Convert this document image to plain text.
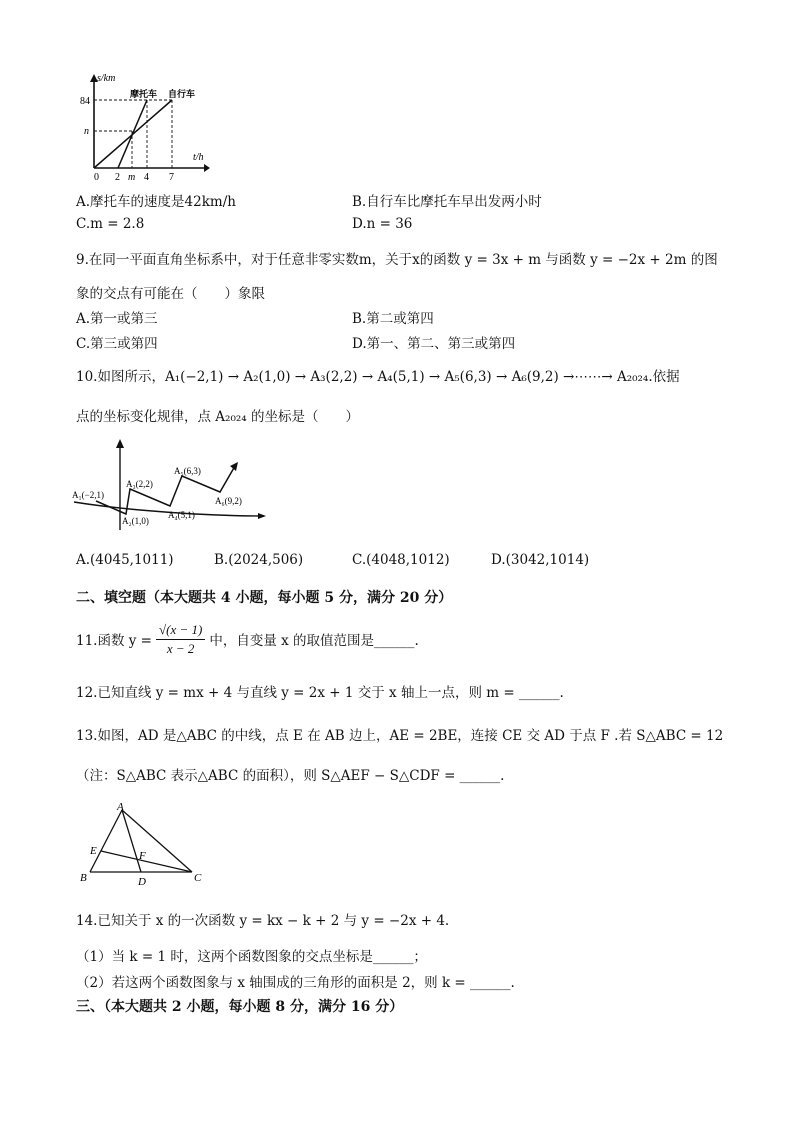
s/km
t/h
摩托车 自行车
84
n
0 2 m 4 7
A.摩托车的速度是42km/h	B.自行车比摩托车早出发两小时
C.m = 2.8	D.n = 36
9.在同一平面直角坐标系中，对于任意非零实数m，关于x的函数 y = 3x + m 与函数 y = −2x + 2m 的图
象的交点有可能在（　　）象限
A.第一或第三	B.第二或第四
C.第三或第四	D.第一、第二、第三或第四
10.如图所示，A₁(−2,1) → A₂(1,0) → A₃(2,2) → A₄(5,1) → A₅(6,3) → A₆(9,2) →⋯⋯→ A₂₀₂₄.依据
点的坐标变化规律，点 A₂₀₂₄ 的坐标是（　　）
A₁(−2,1)
A₂(1,0)
A₃(2,2)
A₄(5,1)
A₅(6,3)
A₆(9,2)
A.(4045,1011)	B.(2024,506)	C.(4048,1012)	D.(3042,1014)
二、填空题（本大题共 4 小题，每小题 5 分，满分 20 分）
11.函数 y =
√(x − 1)
x − 2 中，自变量 x 的取值范围是______.
12.已知直线 y = mx + 4 与直线 y = 2x + 1 交于 x 轴上一点，则 m = ______.
13.如图，AD 是△ABC 的中线，点 E 在 AB 边上，AE = 2BE，连接 CE 交 AD 于点 F .若 S△ABC = 12
（注：S△ABC 表示△ABC 的面积），则 S△AEF − S△CDF = ______.
A
B	C
D
E	F
14.已知关于 x 的一次函数 y = kx − k + 2 与 y = −2x + 4.
（1）当 k = 1 时，这两个函数图象的交点坐标是______；
（2）若这两个函数图象与 x 轴围成的三角形的面积是 2，则 k = ______.
三、（本大题共 2 小题，每小题 8 分，满分 16 分）
